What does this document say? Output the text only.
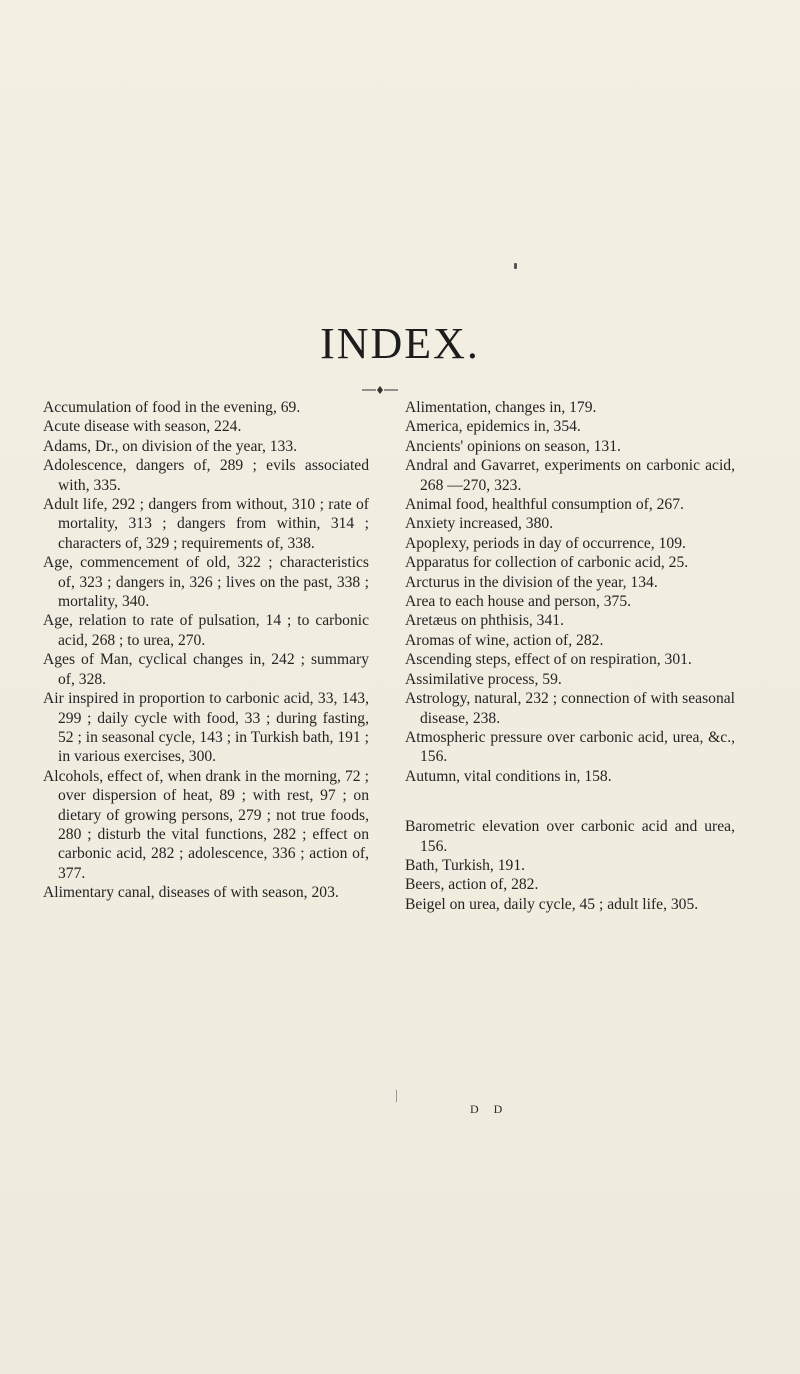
INDEX.

Accumulation of food in the evening, 69.

Acute disease with season, 224.

Adams, Dr., on division of the year, 133.

Adolescence, dangers of, 289 ; evils associated with, 335.

Adult life, 292 ; dangers from without, 310 ; rate of mortality, 313 ; dangers from within, 314 ; characters of, 329 ; requirements of, 338.

Age, commencement of old, 322 ; characteristics of, 323 ; dangers in, 326 ; lives on the past, 338 ; mortality, 340.

Age, relation to rate of pulsation, 14 ; to carbonic acid, 268 ; to urea, 270.

Ages of Man, cyclical changes in, 242 ; summary of, 328.

Air inspired in proportion to carbonic acid, 33, 143, 299 ; daily cycle with food, 33 ; during fasting, 52 ; in seasonal cycle, 143 ; in Turkish bath, 191 ; in various exercises, 300.

Alcohols, effect of, when drank in the morning, 72 ; over dispersion of heat, 89 ; with rest, 97 ; on dietary of growing persons, 279 ; not true foods, 280 ; disturb the vital functions, 282 ; effect on carbonic acid, 282 ; adolescence, 336 ; action of, 377.

Alimentary canal, diseases of with season, 203.

Alimentation, changes in, 179.

America, epidemics in, 354.

Ancients' opinions on season, 131.

Andral and Gavarret, experiments on carbonic acid, 268 —270, 323.

Animal food, healthful consumption of, 267.

Anxiety increased, 380.

Apoplexy, periods in day of occurrence, 109.

Apparatus for collection of carbonic acid, 25.

Arcturus in the division of the year, 134.

Area to each house and person, 375.

Aretæus on phthisis, 341.

Aromas of wine, action of, 282.

Ascending steps, effect of on respiration, 301.

Assimilative process, 59.

Astrology, natural, 232 ; connection of with seasonal disease, 238.

Atmospheric pressure over carbonic acid, urea, &c., 156.

Autumn, vital conditions in, 158.

Barometric elevation over carbonic acid and urea, 156.

Bath, Turkish, 191.

Beers, action of, 282.

Beigel on urea, daily cycle, 45 ; adult life, 305.

D D
